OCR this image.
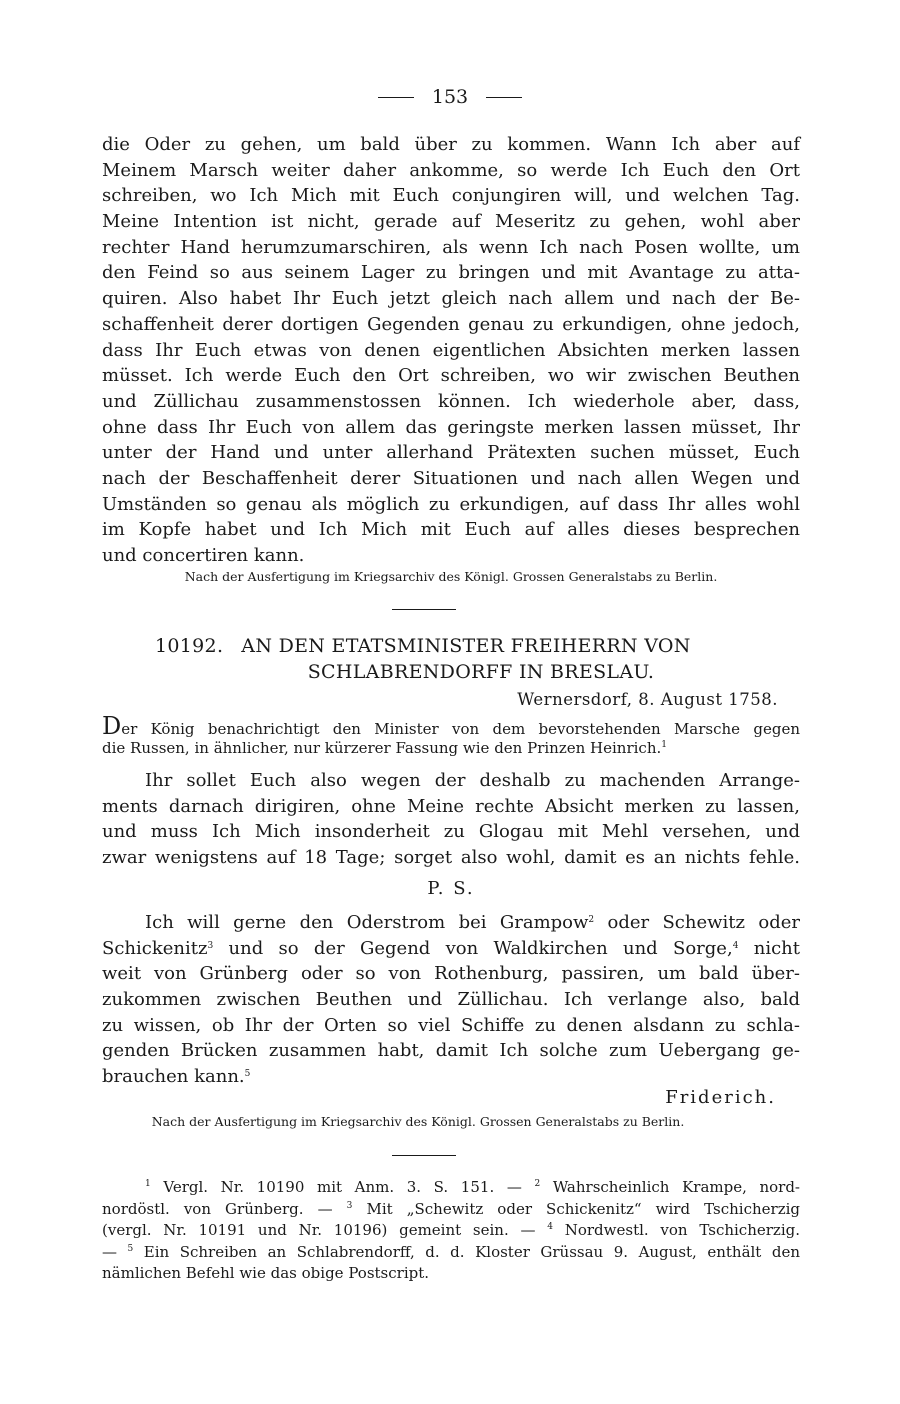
153
die Oder zu gehen, um bald über zu kommen. Wann Ich aber auf
Meinem Marsch weiter daher ankomme, so werde Ich Euch den Ort
schreiben, wo Ich Mich mit Euch conjungiren will, und welchen Tag.
Meine Intention ist nicht, gerade auf Meseritz zu gehen, wohl aber
rechter Hand herumzumarschiren, als wenn Ich nach Posen wollte, um
den Feind so aus seinem Lager zu bringen und mit Avantage zu atta-
quiren. Also habet Ihr Euch jetzt gleich nach allem und nach der Be-
schaffenheit derer dortigen Gegenden genau zu erkundigen, ohne jedoch,
dass Ihr Euch etwas von denen eigentlichen Absichten merken lassen
müsset. Ich werde Euch den Ort schreiben, wo wir zwischen Beuthen
und Züllichau zusammenstossen können. Ich wiederhole aber, dass,
ohne dass Ihr Euch von allem das geringste merken lassen müsset, Ihr
unter der Hand und unter allerhand Prätexten suchen müsset, Euch
nach der Beschaffenheit derer Situationen und nach allen Wegen und
Umständen so genau als möglich zu erkundigen, auf dass Ihr alles wohl
im Kopfe habet und Ich Mich mit Euch auf alles dieses besprechen
und concertiren kann.
Nach der Ausfertigung im Kriegsarchiv des Königl. Grossen Generalstabs zu Berlin.
10192. AN DEN ETATSMINISTER FREIHERRN VON
SCHLABRENDORFF IN BRESLAU.
Wernersdorf, 8. August 1758.
Der König benachrichtigt den Minister von dem bevorstehenden Marsche gegen
die Russen, in ähnlicher, nur kürzerer Fassung wie den Prinzen Heinrich.$^1$
Ihr sollet Euch also wegen der deshalb zu machenden Arrange-
ments darnach dirigiren, ohne Meine rechte Absicht merken zu lassen,
und muss Ich Mich insonderheit zu Glogau mit Mehl versehen, und
zwar wenigstens auf 18 Tage; sorget also wohl, damit es an nichts fehle.
P. S.
Ich will gerne den Oderstrom bei Grampow$^2$ oder Schewitz oder
Schickenitz$^3$ und so der Gegend von Waldkirchen und Sorge,$^4$ nicht
weit von Grünberg oder so von Rothenburg, passiren, um bald über-
zukommen zwischen Beuthen und Züllichau. Ich verlange also, bald
zu wissen, ob Ihr der Orten so viel Schiffe zu denen alsdann zu schla-
genden Brücken zusammen habt, damit Ich solche zum Uebergang ge-
brauchen kann.$^5$
Friderich.
Nach der Ausfertigung im Kriegsarchiv des Königl. Grossen Generalstabs zu Berlin.
$^1$ Vergl. Nr. 10190 mit Anm. 3. S. 151. — $^2$ Wahrscheinlich Krampe, nord-
nordöstl. von Grünberg. — $^3$ Mit „Schewitz oder Schickenitz“ wird Tschicherzig
(vergl. Nr. 10191 und Nr. 10196) gemeint sein. — $^4$ Nordwestl. von Tschicherzig.
— $^5$ Ein Schreiben an Schlabrendorff, d. d. Kloster Grüssau 9. August, enthält den
nämlichen Befehl wie das obige Postscript.
